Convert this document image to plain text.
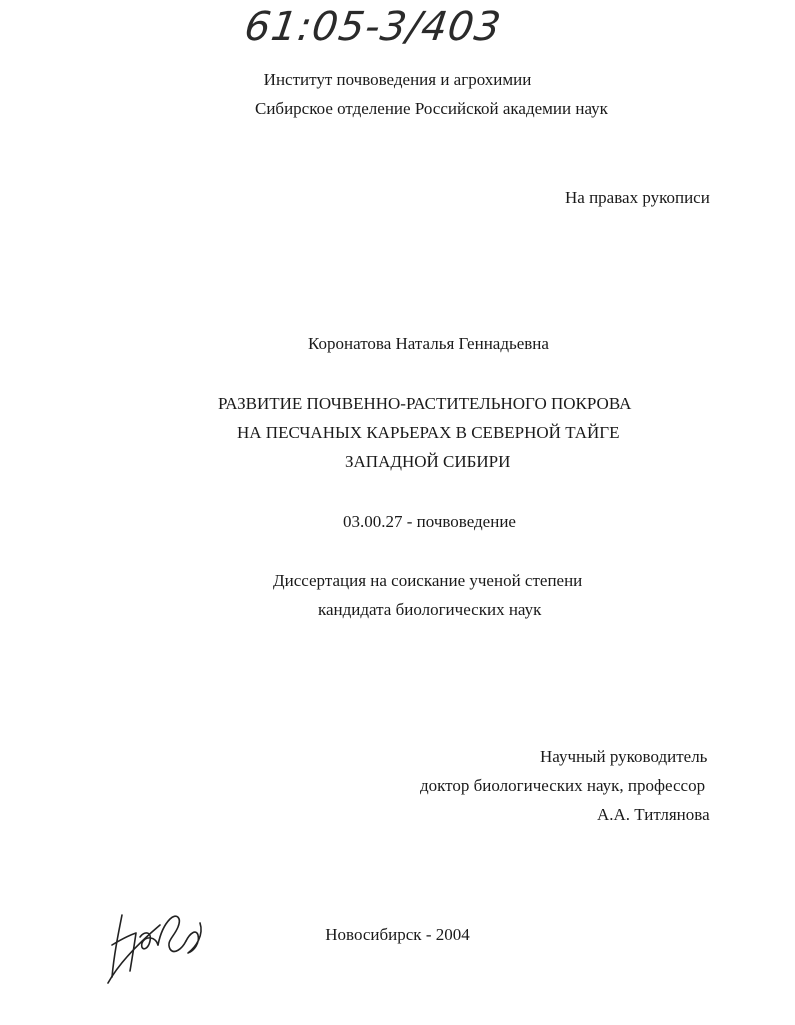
61:05-3/403
Институт почвоведения и агрохимии
Сибирское отделение Российской академии наук
На правах рукописи
Коронатова Наталья Геннадьевна
РАЗВИТИЕ ПОЧВЕННО-РАСТИТЕЛЬНОГО ПОКРОВА
НА ПЕСЧАНЫХ КАРЬЕРАХ В СЕВЕРНОЙ ТАЙГЕ
ЗАПАДНОЙ СИБИРИ
03.00.27 - почвоведение
Диссертация на соискание ученой степени
кандидата биологических наук
Научный руководитель
доктор биологических наук, профессор
А.А. Титлянова
Новосибирск - 2004
